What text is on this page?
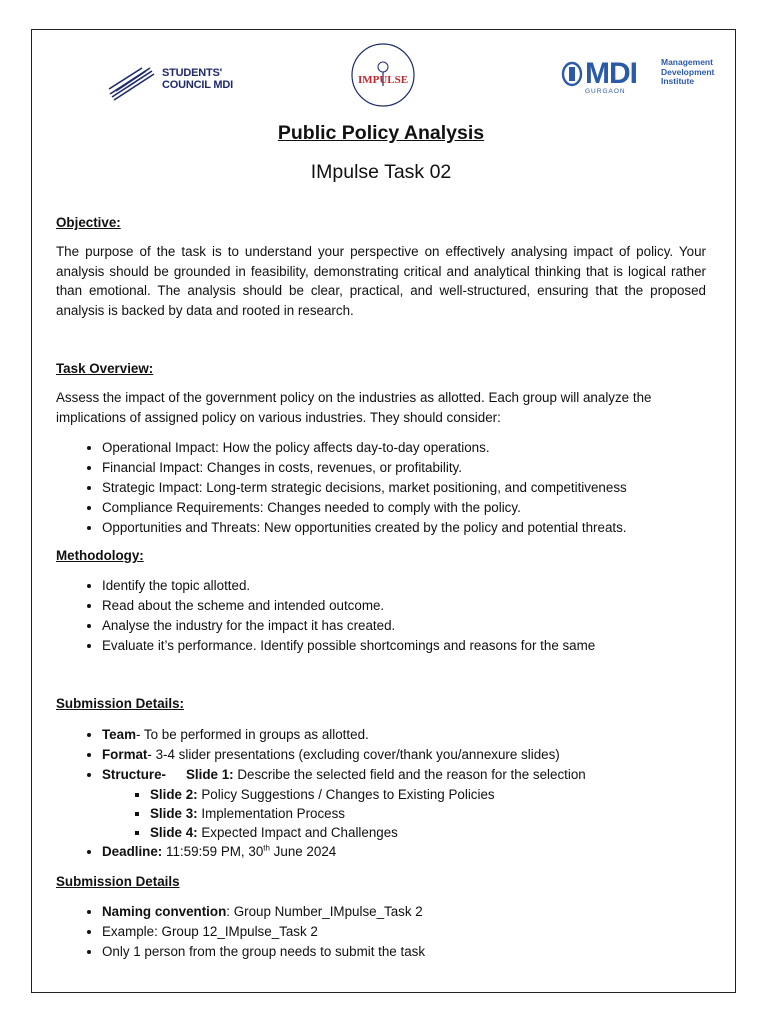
STUDENTS'
COUNCIL MDI	IMPULSE	MDI
GURGAON
Management
Development
Institute
Public Policy Analysis
IMpulse Task 02

Objective:

The purpose of the task is to understand your perspective on effectively analysing impact of policy. Your analysis should be grounded in feasibility, demonstrating critical and analytical thinking that is logical rather than emotional. The analysis should be clear, practical, and well-structured, ensuring that the proposed analysis is backed by data and rooted in research.

Task Overview:

Assess the impact of the government policy on the industries as allotted. Each group will analyze the implications of assigned policy on various industries. They should consider:

• Operational Impact: How the policy affects day-to-day operations.
• Financial Impact: Changes in costs, revenues, or profitability.
• Strategic Impact: Long-term strategic decisions, market positioning, and competitiveness
• Compliance Requirements: Changes needed to comply with the policy.
• Opportunities and Threats: New opportunities created by the policy and potential threats.

Methodology:

• Identify the topic allotted.
• Read about the scheme and intended outcome.
• Analyse the industry for the impact it has created.
• Evaluate it’s performance. Identify possible shortcomings and reasons for the same

Submission Details:

• Team- To be performed in groups as allotted.
• Format- 3-4 slider presentations (excluding cover/thank you/annexure slides)
• Structure- Slide 1: Describe the selected field and the reason for the selection
▪ Slide 2: Policy Suggestions / Changes to Existing Policies
▪ Slide 3: Implementation Process
▪ Slide 4: Expected Impact and Challenges
• Deadline: 11:59:59 PM, 30th June 2024

Submission Details

• Naming convention: Group Number_IMpulse_Task 2
• Example: Group 12_IMpulse_Task 2
• Only 1 person from the group needs to submit the task
